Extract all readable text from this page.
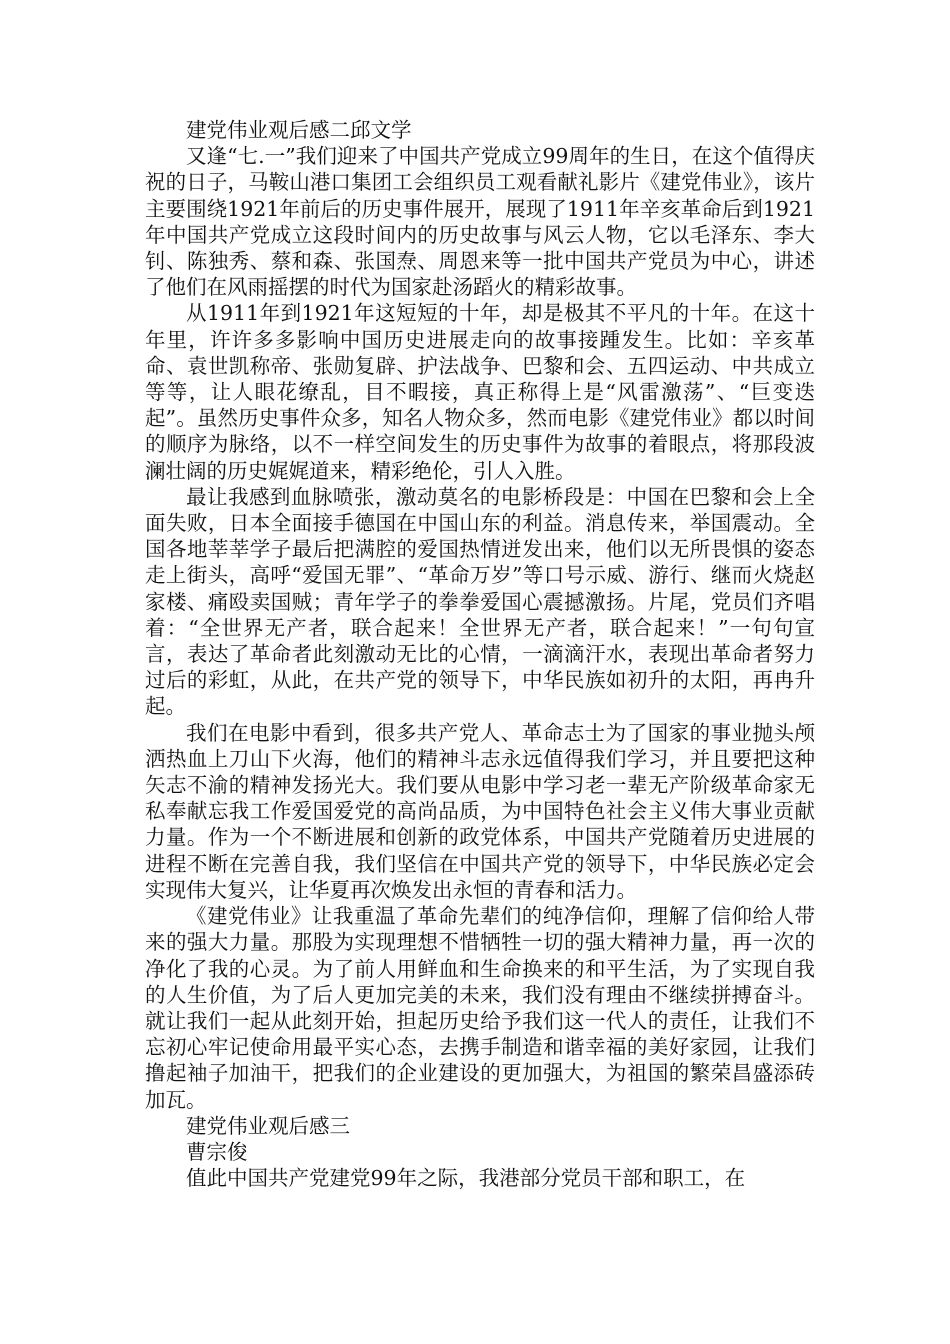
建党伟业观后感二邱文学

又逢“七.一”我们迎来了中国共产党成立99周年的生日，在这个值得庆祝的日子，马鞍山港口集团工会组织员工观看献礼影片《建党伟业》，该片主要围绕1921年前后的历史事件展开，展现了1911年辛亥革命后到1921年中国共产党成立这段时间内的历史故事与风云人物，它以毛泽东、李大钊、陈独秀、蔡和森、张国焘、周恩来等一批中国共产党员为中心，讲述了他们在风雨摇摆的时代为国家赴汤蹈火的精彩故事。

从1911年到1921年这短短的十年，却是极其不平凡的十年。在这十年里，许许多多影响中国历史进展走向的故事接踵发生。比如：辛亥革命、袁世凯称帝、张勋复辟、护法战争、巴黎和会、五四运动、中共成立等等，让人眼花缭乱，目不暇接，真正称得上是“风雷激荡”、“巨变迭起”。虽然历史事件众多，知名人物众多，然而电影《建党伟业》都以时间的顺序为脉络，以不一样空间发生的历史事件为故事的着眼点，将那段波澜壮阔的历史娓娓道来，精彩绝伦，引人入胜。

最让我感到血脉喷张，激动莫名的电影桥段是：中国在巴黎和会上全面失败，日本全面接手德国在中国山东的利益。消息传来，举国震动。全国各地莘莘学子最后把满腔的爱国热情迸发出来，他们以无所畏惧的姿态走上街头，高呼“爱国无罪”、“革命万岁”等口号示威、游行、继而火烧赵家楼、痛殴卖国贼；青年学子的拳拳爱国心震撼激扬。片尾，党员们齐唱着：“全世界无产者，联合起来！全世界无产者，联合起来！”一句句宣言，表达了革命者此刻激动无比的心情，一滴滴汗水，表现出革命者努力过后的彩虹，从此，在共产党的领导下，中华民族如初升的太阳，再冉升起。

我们在电影中看到，很多共产党人、革命志士为了国家的事业抛头颅洒热血上刀山下火海，他们的精神斗志永远值得我们学习，并且要把这种矢志不渝的精神发扬光大。我们要从电影中学习老一辈无产阶级革命家无私奉献忘我工作爱国爱党的高尚品质，为中国特色社会主义伟大事业贡献力量。作为一个不断进展和创新的政党体系，中国共产党随着历史进展的进程不断在完善自我，我们坚信在中国共产党的领导下，中华民族必定会实现伟大复兴，让华夏再次焕发出永恒的青春和活力。

《建党伟业》让我重温了革命先辈们的纯净信仰，理解了信仰给人带来的强大力量。那股为实现理想不惜牺牲一切的强大精神力量，再一次的净化了我的心灵。为了前人用鲜血和生命换来的和平生活，为了实现自我的人生价值，为了后人更加完美的未来，我们没有理由不继续拼搏奋斗。就让我们一起从此刻开始，担起历史给予我们这一代人的责任，让我们不忘初心牢记使命用最平实心态，去携手制造和谐幸福的美好家园，让我们撸起袖子加油干，把我们的企业建设的更加强大，为祖国的繁荣昌盛添砖加瓦。

建党伟业观后感三

曹宗俊

值此中国共产党建党99年之际，我港部分党员干部和职工，在
